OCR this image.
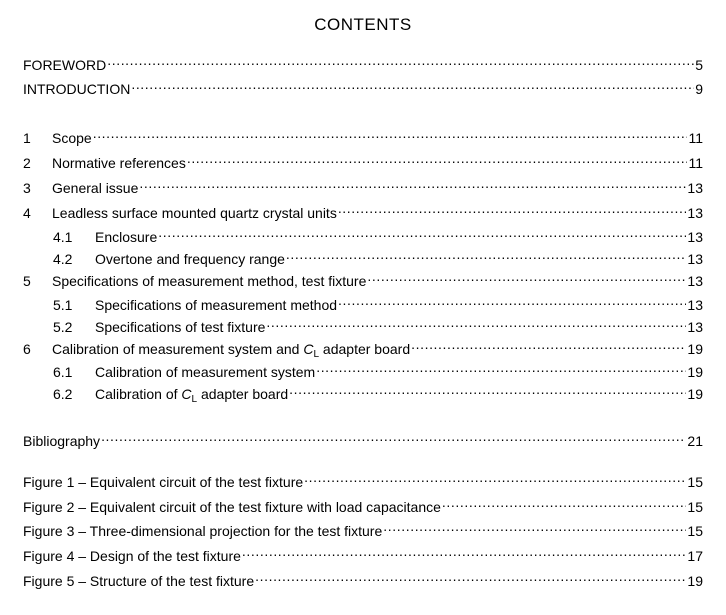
CONTENTS
FOREWORD .....	5
INTRODUCTION .....	9
1	Scope .....	11
2	Normative references .....	11
3	General issue .....	13
4	Leadless surface mounted quartz crystal units .....	13
4.1	Enclosure .....	13
4.2	Overtone and frequency range .....	13
5	Specifications of measurement method, test fixture .....	13
5.1	Specifications of measurement method .....	13
5.2	Specifications of test fixture .....	13
6	Calibration of measurement system and $C_L$ adapter board .....	19
6.1	Calibration of measurement system .....	19
6.2	Calibration of $C_L$ adapter board .....	19
Bibliography .....	21
Figure 1 – Equivalent circuit of the test fixture .....	15
Figure 2 – Equivalent circuit of the test fixture with load capacitance .....	15
Figure 3 – Three-dimensional projection for the test fixture .....	15
Figure 4 – Design of the test fixture .....	17
Figure 5 – Structure of the test fixture .....	19
